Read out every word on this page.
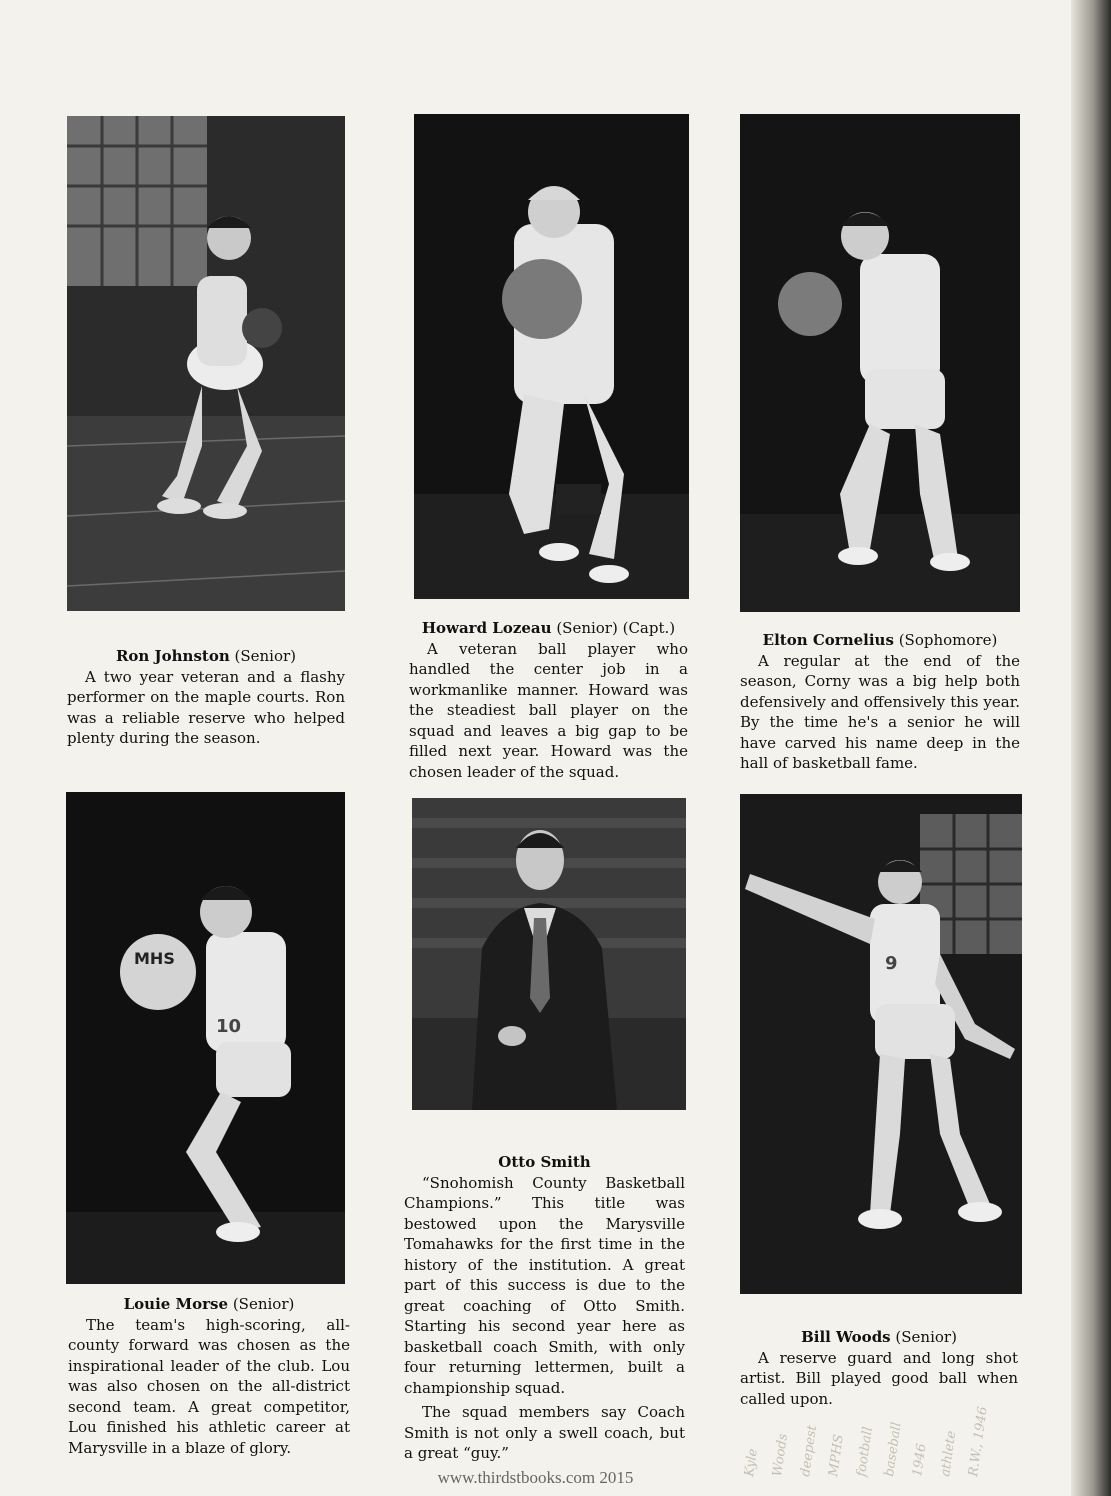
Ron Johnston (Senior)

A two year veteran and a flashy performer on the maple courts. Ron was a reliable reserve who helped plenty during the season.

Howard Lozeau (Senior) (Capt.)

A veteran ball player who handled the center job in a workmanlike manner. Howard was the steadiest ball player on the squad and leaves a big gap to be filled next year. Howard was the chosen leader of the squad.

Elton Cornelius (Sophomore)

A regular at the end of the season, Corny was a big help both defensively and offensively this year. By the time he's a senior he will have carved his name deep in the hall of basketball fame.

10
MHS
Louie Morse (Senior)

The team's high-scoring, all-county forward was chosen as the inspirational leader of the club. Lou was also chosen on the all-district second team. A great competitor, Lou finished his athletic career at Marysville in a blaze of glory.

Otto Smith

“Snohomish County Basketball Champions.” This title was bestowed upon the Marysville Tomahawks for the first time in the history of the institution. A great part of this success is due to the great coaching of Otto Smith. Starting his second year here as basketball coach Smith, with only four returning lettermen, built a championship squad.

The squad members say Coach Smith is not only a swell coach, but a great “guy.”

9
Bill Woods (Senior)

A reserve guard and long shot artist. Bill played good ball when called upon.

Kyle Woods deepest MPHS football baseball 1946 athlete R.W., 1946
www.thirdstbooks.com 2015
